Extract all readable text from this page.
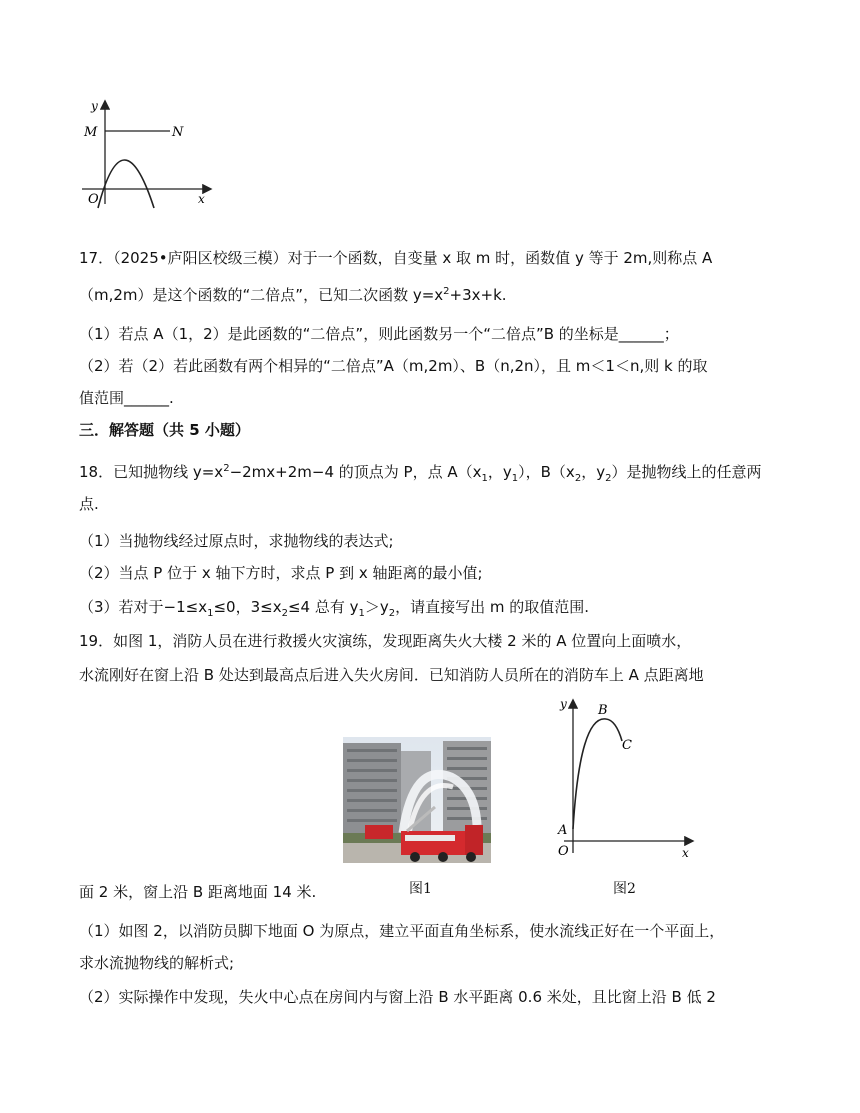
y
M	N
O	x
17．（2025•庐阳区校级三模）对于一个函数，自变量 x 取 m 时，函数值 y 等于 2m,则称点 A
（m,2m）是这个函数的“二倍点”，已知二次函数 $y=x^2+3x+k$.
（1）若点 A（1，2）是此函数的“二倍点”，则此函数另一个“二倍点”B 的坐标是______；
（2）若（2）若此函数有两个相异的“二倍点”A（m,2m）、B（n,2n），且 m＜1＜n,则 k 的取
值范围______.
三．解答题（共 5 小题）
18．已知抛物线 $y=x^2-2mx+2m-4$ 的顶点为 P，点 $A(x_1$，$y_1$），$B(x_2$，$y_2$）是抛物线上的任意两
点.
（1）当抛物线经过原点时，求抛物线的表达式;
（2）当点 P 位于 x 轴下方时，求点 P 到 x 轴距离的最小值;
（3）若对于$-1\le x_1\le 0$，$3\le x_2\le 4$ 总有 $y_1>y_2$，请直接写出 m 的取值范围.
19．如图 1，消防人员在进行救援火灾演练，发现距离失火大楼 2 米的 A 位置向上面喷水，
水流刚好在窗上沿 B 处达到最高点后进入失火房间．已知消防人员所在的消防车上 A 点距离地
y B
C
A
O	x
面 2 米，窗上沿 B 距离地面 14 米.	图1	图2
（1）如图 2，以消防员脚下地面 O 为原点，建立平面直角坐标系，使水流线正好在一个平面上，
求水流抛物线的解析式;
（2）实际操作中发现，失火中心点在房间内与窗上沿 B 水平距离 0.6 米处，且比窗上沿 B 低 2
